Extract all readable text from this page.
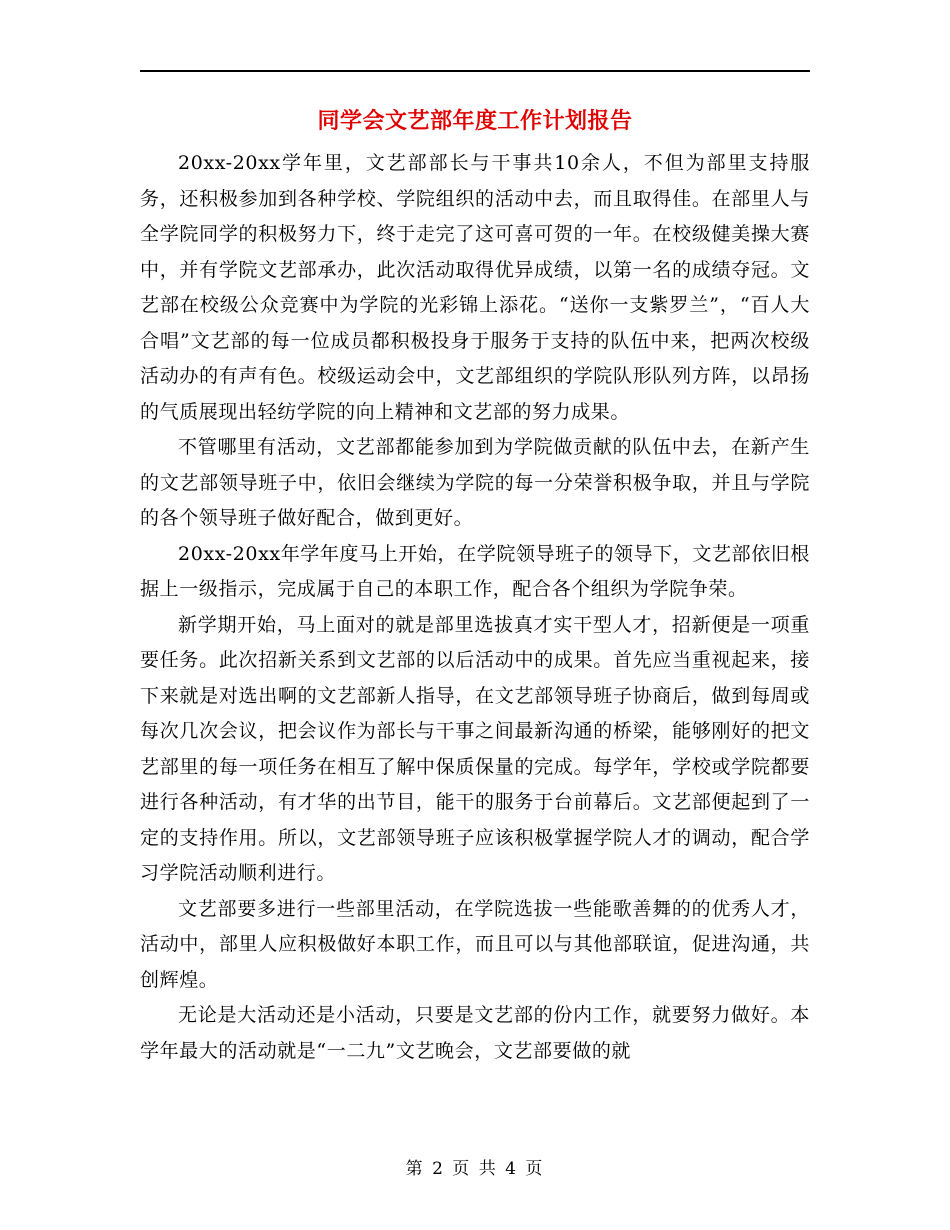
同学会文艺部年度工作计划报告

20xx-20xx学年里，文艺部部长与干事共10余人，不但为部里支持服务，还积极参加到各种学校、学院组织的活动中去，而且取得佳。在部里人与全学院同学的积极努力下，终于走完了这可喜可贺的一年。在校级健美操大赛中，并有学院文艺部承办，此次活动取得优异成绩，以第一名的成绩夺冠。文艺部在校级公众竞赛中为学院的光彩锦上添花。“送你一支紫罗兰”，“百人大合唱”文艺部的每一位成员都积极投身于服务于支持的队伍中来，把两次校级活动办的有声有色。校级运动会中，文艺部组织的学院队形队列方阵，以昂扬的气质展现出轻纺学院的向上精神和文艺部的努力成果。

不管哪里有活动，文艺部都能参加到为学院做贡献的队伍中去，在新产生的文艺部领导班子中，依旧会继续为学院的每一分荣誉积极争取，并且与学院的各个领导班子做好配合，做到更好。

20xx-20xx年学年度马上开始，在学院领导班子的领导下，文艺部依旧根据上一级指示，完成属于自己的本职工作，配合各个组织为学院争荣。

新学期开始，马上面对的就是部里选拔真才实干型人才，招新便是一项重要任务。此次招新关系到文艺部的以后活动中的成果。首先应当重视起来，接下来就是对选出啊的文艺部新人指导，在文艺部领导班子协商后，做到每周或每次几次会议，把会议作为部长与干事之间最新沟通的桥梁，能够刚好的把文艺部里的每一项任务在相互了解中保质保量的完成。每学年，学校或学院都要进行各种活动，有才华的出节目，能干的服务于台前幕后。文艺部便起到了一定的支持作用。所以，文艺部领导班子应该积极掌握学院人才的调动，配合学习学院活动顺利进行。

文艺部要多进行一些部里活动，在学院选拔一些能歌善舞的的优秀人才，活动中，部里人应积极做好本职工作，而且可以与其他部联谊，促进沟通，共创辉煌。

无论是大活动还是小活动，只要是文艺部的份内工作，就要努力做好。本学年最大的活动就是“一二九”文艺晚会，文艺部要做的就

第 2 页 共 4 页
